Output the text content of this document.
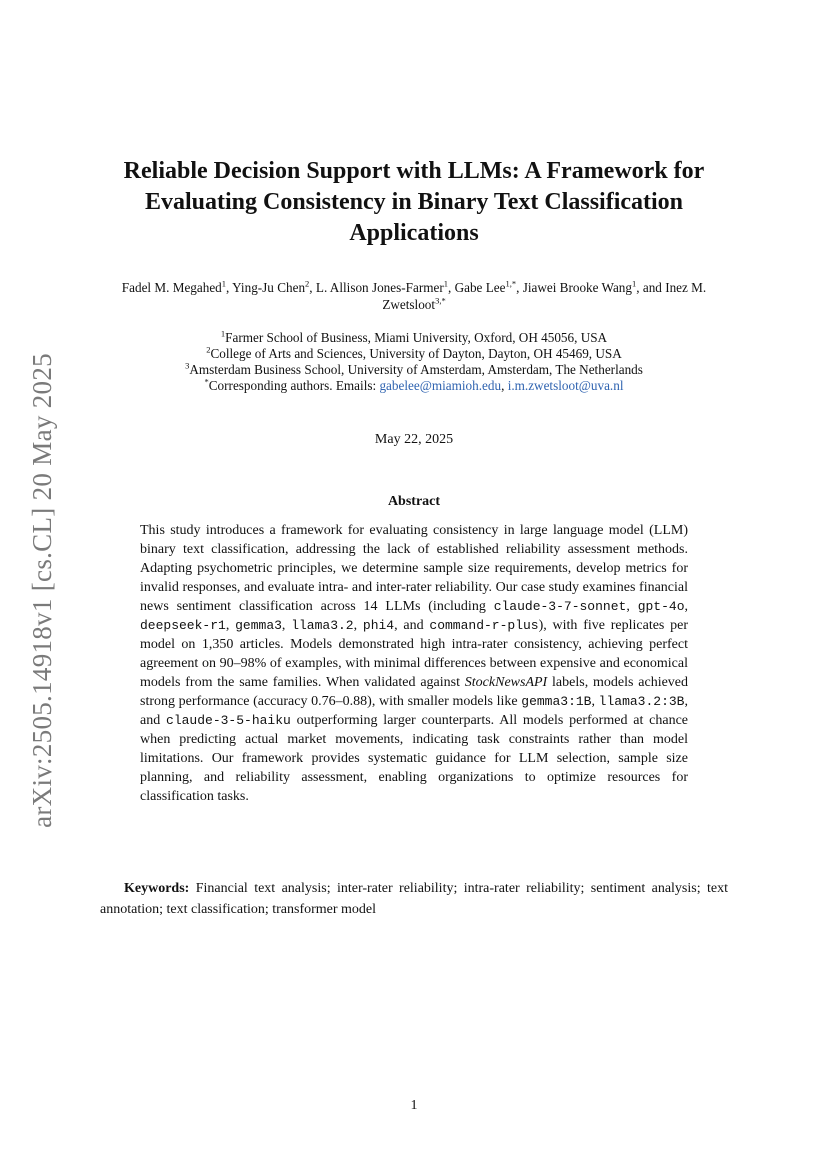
arXiv:2505.14918v1 [cs.CL] 20 May 2025
Reliable Decision Support with LLMs: A Framework for Evaluating Consistency in Binary Text Classification Applications
Fadel M. Megahed$^1$, Ying-Ju Chen$^2$, L. Allison Jones-Farmer$^1$, Gabe Lee$^{1,*}$, Jiawei Brooke Wang$^1$, and Inez M. Zwetsloot$^{3,*}$
$^1$Farmer School of Business, Miami University, Oxford, OH 45056, USA
$^2$College of Arts and Sciences, University of Dayton, Dayton, OH 45469, USA
$^3$Amsterdam Business School, University of Amsterdam, Amsterdam, The Netherlands
*Corresponding authors. Emails: gabelee@miamioh.edu, i.m.zwetsloot@uva.nl
May 22, 2025
Abstract

This study introduces a framework for evaluating consistency in large language model (LLM) binary text classification, addressing the lack of established reliability assessment methods. Adapting psychometric principles, we determine sample size requirements, develop metrics for invalid responses, and evaluate intra- and inter-rater reliability. Our case study examines financial news sentiment classification across 14 LLMs (including claude-3-7-sonnet, gpt-4o, deepseek-r1, gemma3, llama3.2, phi4, and command-r-plus), with five replicates per model on 1,350 articles. Models demonstrated high intra-rater consistency, achieving perfect agreement on 90–98% of examples, with minimal differences between expensive and economical models from the same families. When validated against StockNewsAPI labels, models achieved strong performance (accuracy 0.76–0.88), with smaller models like gemma3:1B, llama3.2:3B, and claude-3-5-haiku outperforming larger counterparts. All models performed at chance when predicting actual market movements, indicating task constraints rather than model limitations. Our framework provides systematic guidance for LLM selection, sample size planning, and reliability assessment, enabling organizations to optimize resources for classification tasks.

Keywords: Financial text analysis; inter-rater reliability; intra-rater reliability; sentiment analysis; text annotation; text classification; transformer model

1
